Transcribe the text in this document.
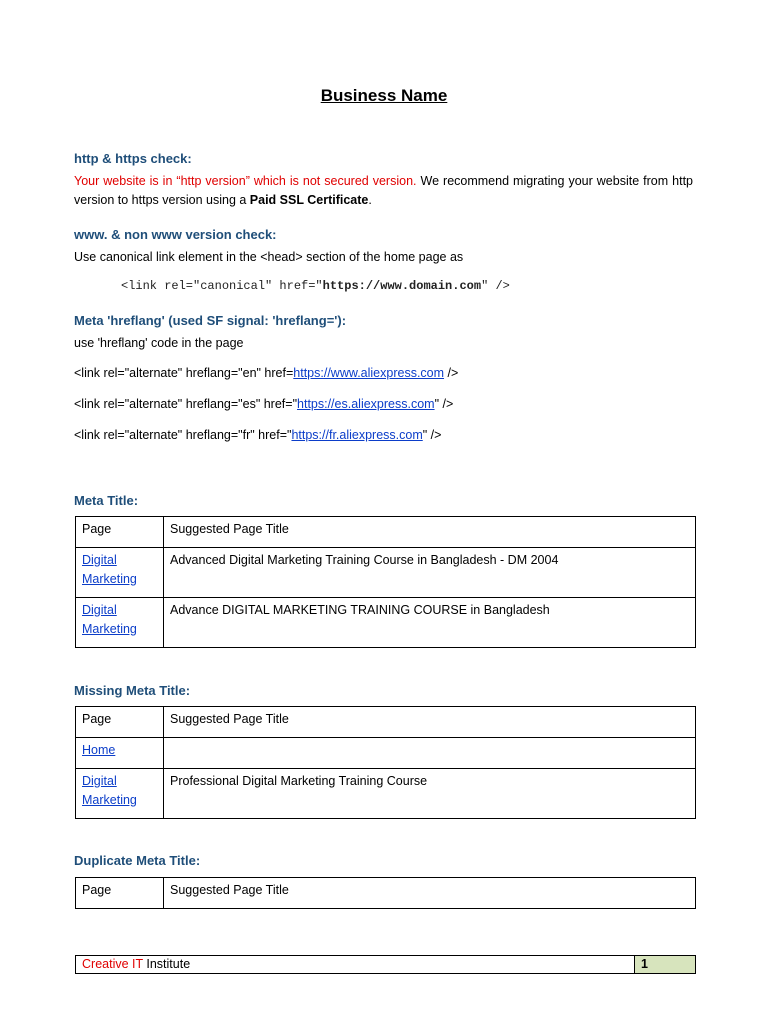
Business Name
http & https check:
Your website is in “http version” which is not secured version. We recommend migrating your website from http version to https version using a Paid SSL Certificate.
www. & non www version check:
Use canonical link element in the <head> section of the home page as
<link rel="canonical" href="https://www.domain.com" />
Meta 'hreflang' (used SF signal: 'hreflang='):
use 'hreflang' code in the page
<link rel="alternate" hreflang="en" href=https://www.aliexpress.com />
<link rel="alternate" hreflang="es" href="https://es.aliexpress.com" />
<link rel="alternate" hreflang="fr" href="https://fr.aliexpress.com" />
Meta Title:
Page	Suggested Page Title
Digital Marketing	Advanced Digital Marketing Training Course in Bangladesh - DM 2004
Digital Marketing	Advance DIGITAL MARKETING TRAINING COURSE in Bangladesh
Missing Meta Title:
Page	Suggested Page Title
Home	
Digital Marketing	Professional Digital Marketing Training Course
Duplicate Meta Title:
Page	Suggested Page Title
Creative IT Institute	1
